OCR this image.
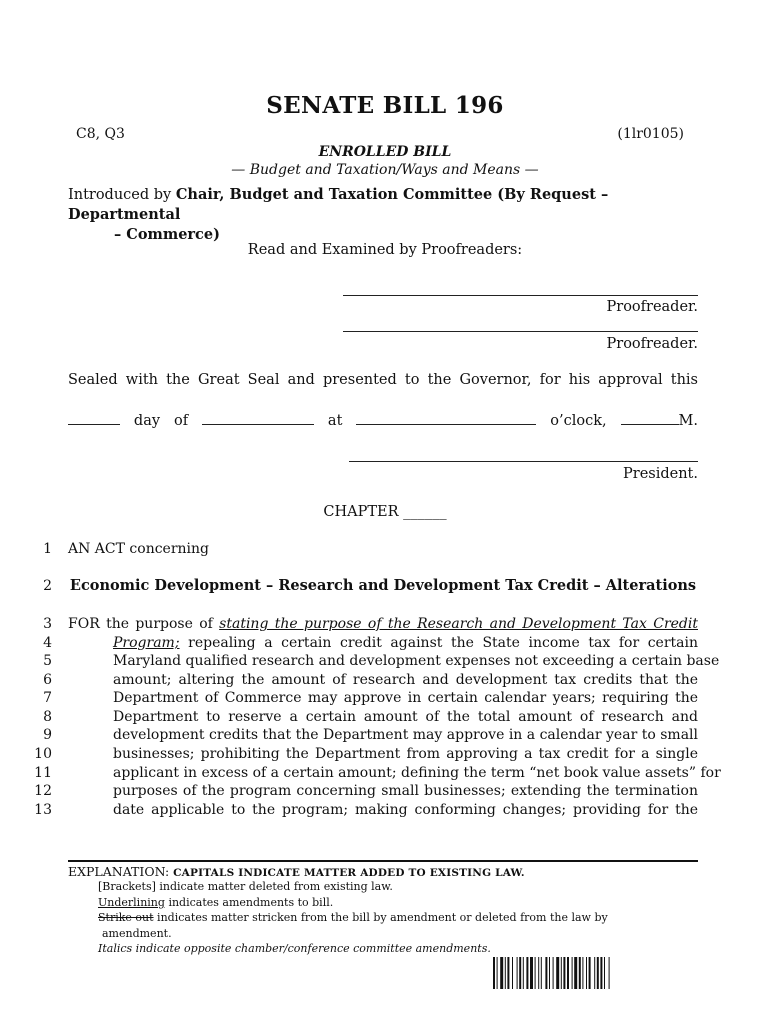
SENATE BILL 196
C8, Q3	(1lr0105)
ENROLLED BILL
— Budget and Taxation/Ways and Means —
Introduced by Chair, Budget and Taxation Committee (By Request – Departmental
– Commerce)
Read and Examined by Proofreaders:
Proofreader.
Proofreader.
Sealed with the Great Seal and presented to the Governor, for his approval this
day of	at	o’clock,	M.
President.
CHAPTER ______
1 AN ACT concerning
2 Economic Development – Research and Development Tax Credit – Alterations
3 FOR the purpose of stating the purpose of the Research and Development Tax Credit
4	Program; repealing a certain credit against the State income tax for certain
5	Maryland qualified research and development expenses not exceeding a certain base
6	amount; altering the amount of research and development tax credits that the
7	Department of Commerce may approve in certain calendar years; requiring the
8	Department to reserve a certain amount of the total amount of research and
9	development credits that the Department may approve in a calendar year to small
10	businesses; prohibiting the Department from approving a tax credit for a single
11	applicant in excess of a certain amount; defining the term “net book value assets” for
12	purposes of the program concerning small businesses; extending the termination
13	date applicable to the program; making conforming changes; providing for the
EXPLANATION: CAPITALS INDICATE MATTER ADDED TO EXISTING LAW.
[Brackets] indicate matter deleted from existing law.
Underlining indicates amendments to bill.
Strike out indicates matter stricken from the bill by amendment or deleted from the law by
amendment.
Italics indicate opposite chamber/conference committee amendments.
